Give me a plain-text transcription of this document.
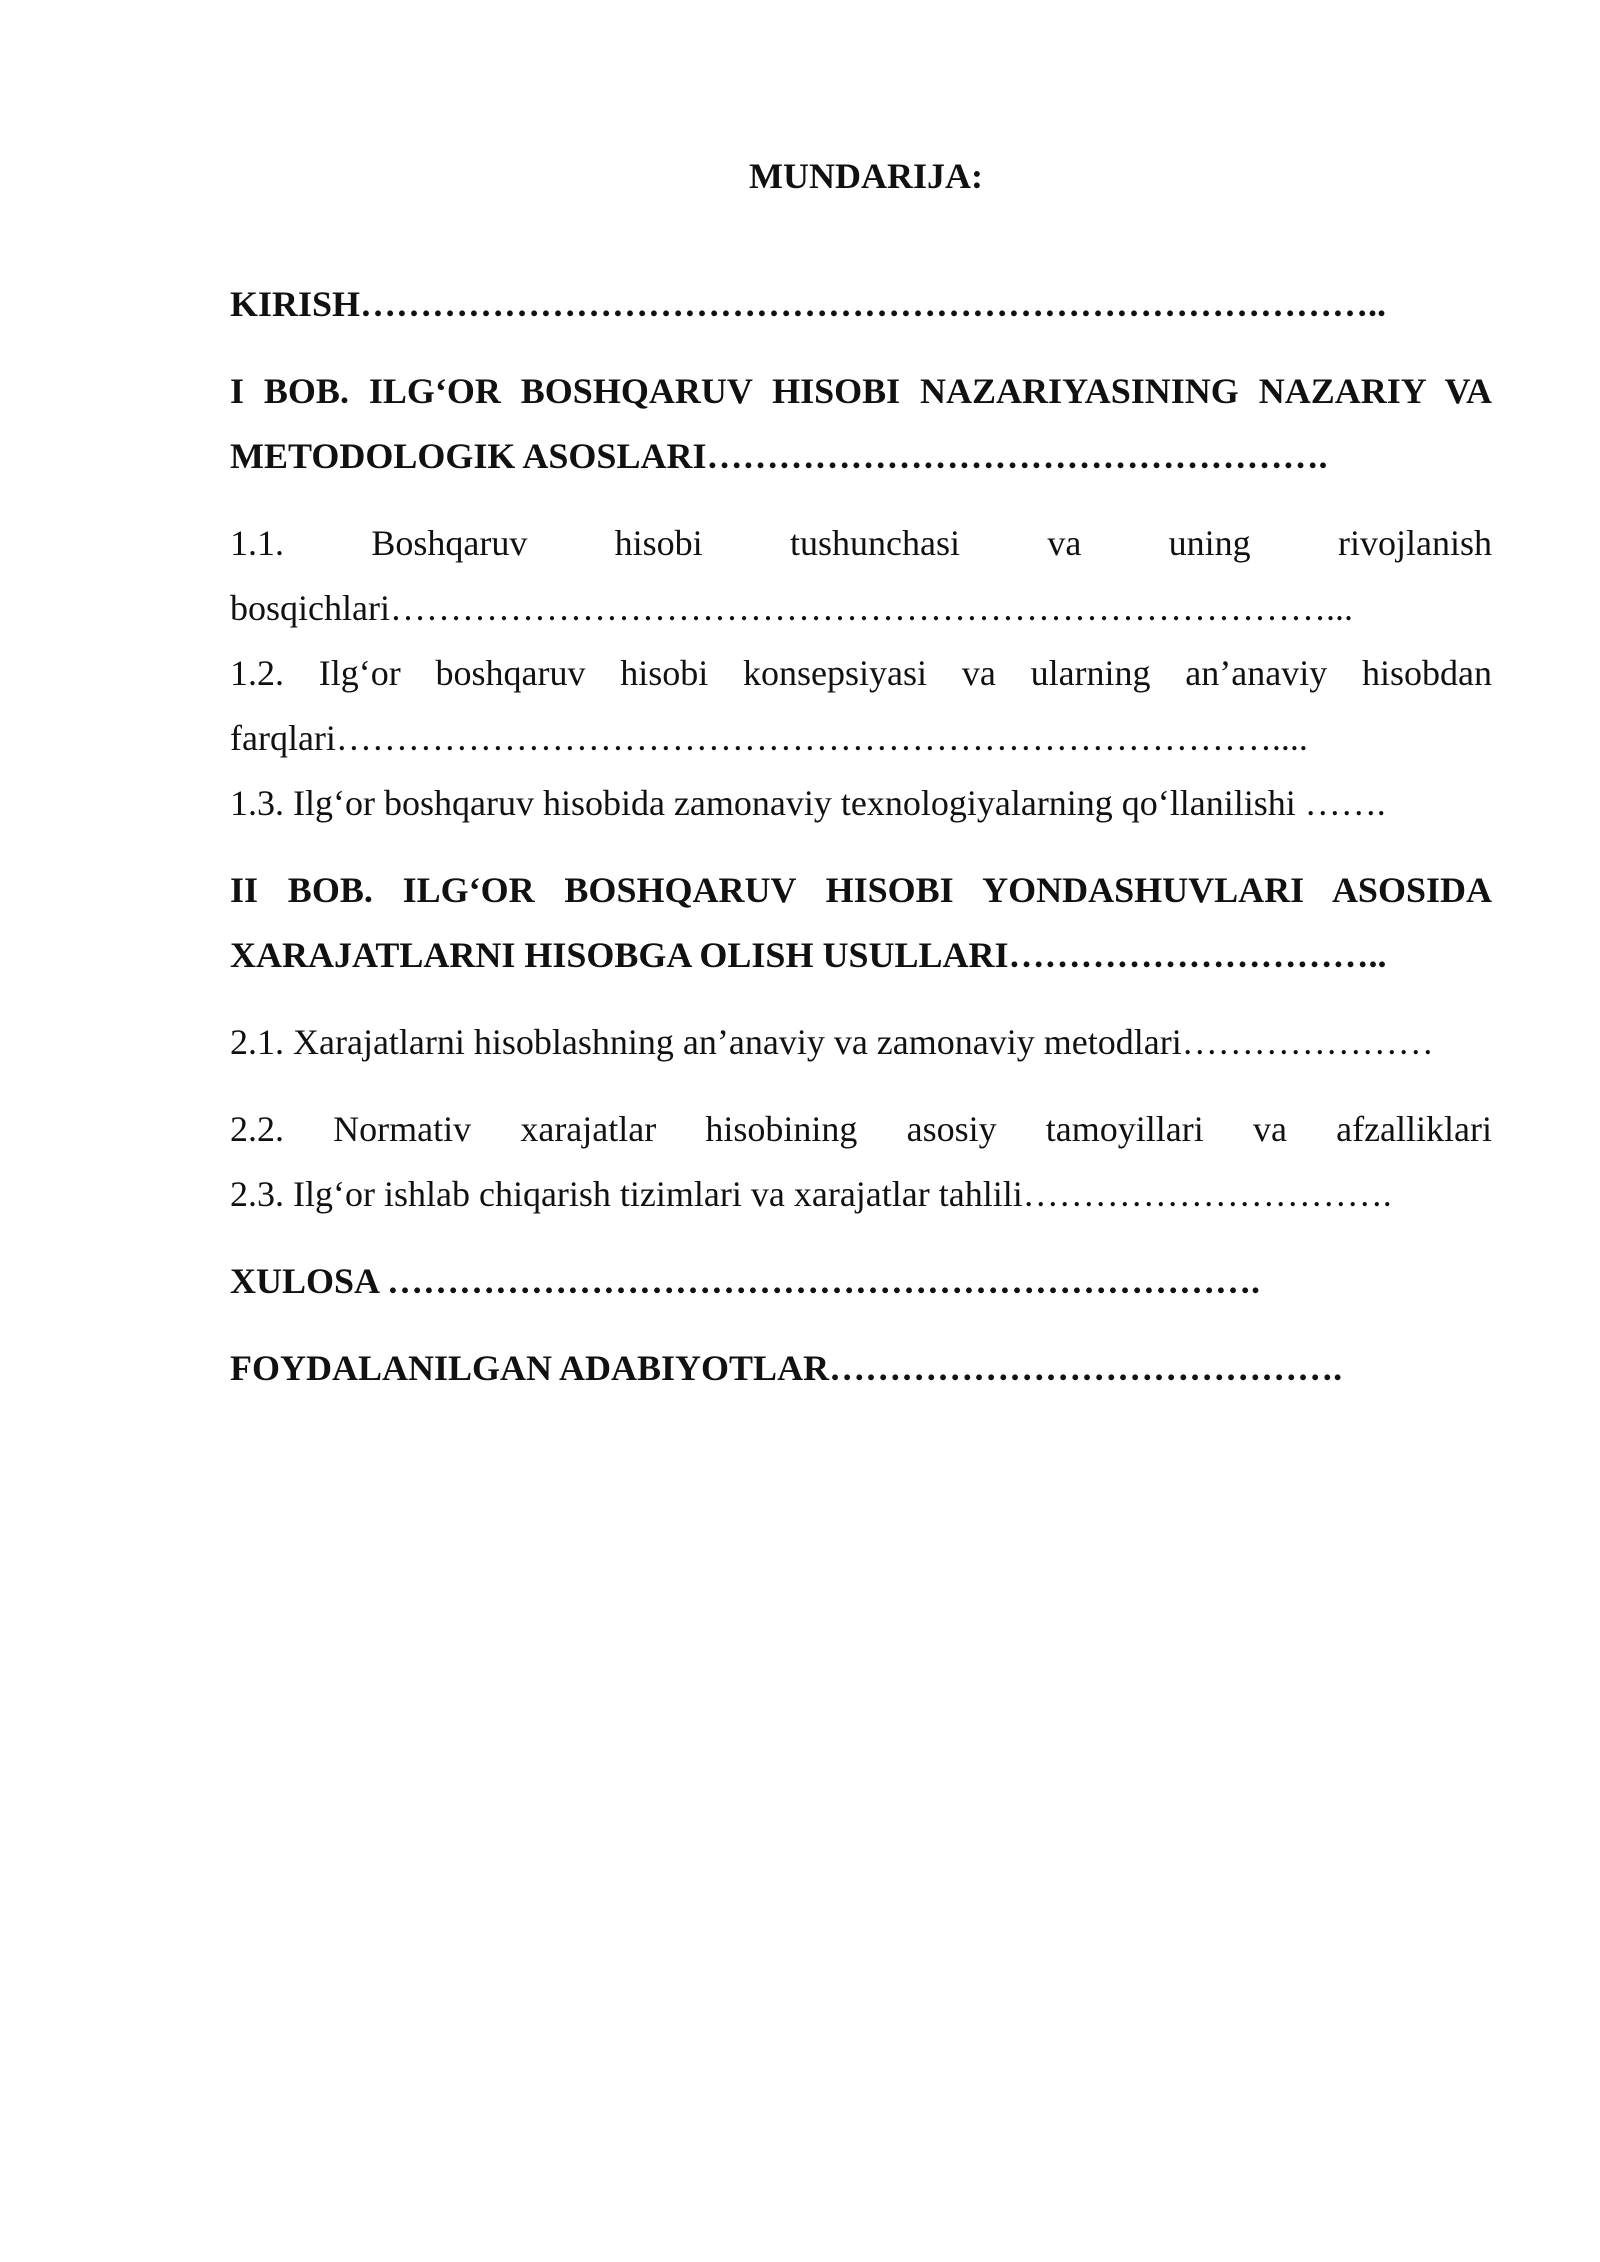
MUNDARIJA:

KIRISH…………………………………………………………………………..

I BOB. ILG‘OR BOSHQARUV HISOBI NAZARIYASINING NAZARIY VA METODOLOGIK ASOSLARI…………………………………………….

1.1. Boshqaruv hisobi tushunchasi va uning rivojlanish bosqichlari……………………………………………………………………...

1.2. Ilg‘or boshqaruv hisobi konsepsiyasi va ularning an’anaviy hisobdan farqlari……………………………………………………………………....

1.3. Ilg‘or boshqaruv hisobida zamonaviy texnologiyalarning qo‘llanilishi …….

II BOB. ILG‘OR BOSHQARUV HISOBI YONDASHUVLARI ASOSIDA XARAJATLARNI HISOBGA OLISH USULLARI…………………………..

2.1. Xarajatlarni hisoblashning an’anaviy va zamonaviy metodlari…………………

2.2. Normativ xarajatlar hisobining asosiy tamoyillari va afzalliklari

2.3. Ilg‘or ishlab chiqarish tizimlari va xarajatlar tahlili………………………….

XULOSA ……………………………………………………………….

FOYDALANILGAN ADABIYOTLAR…………………………………….
